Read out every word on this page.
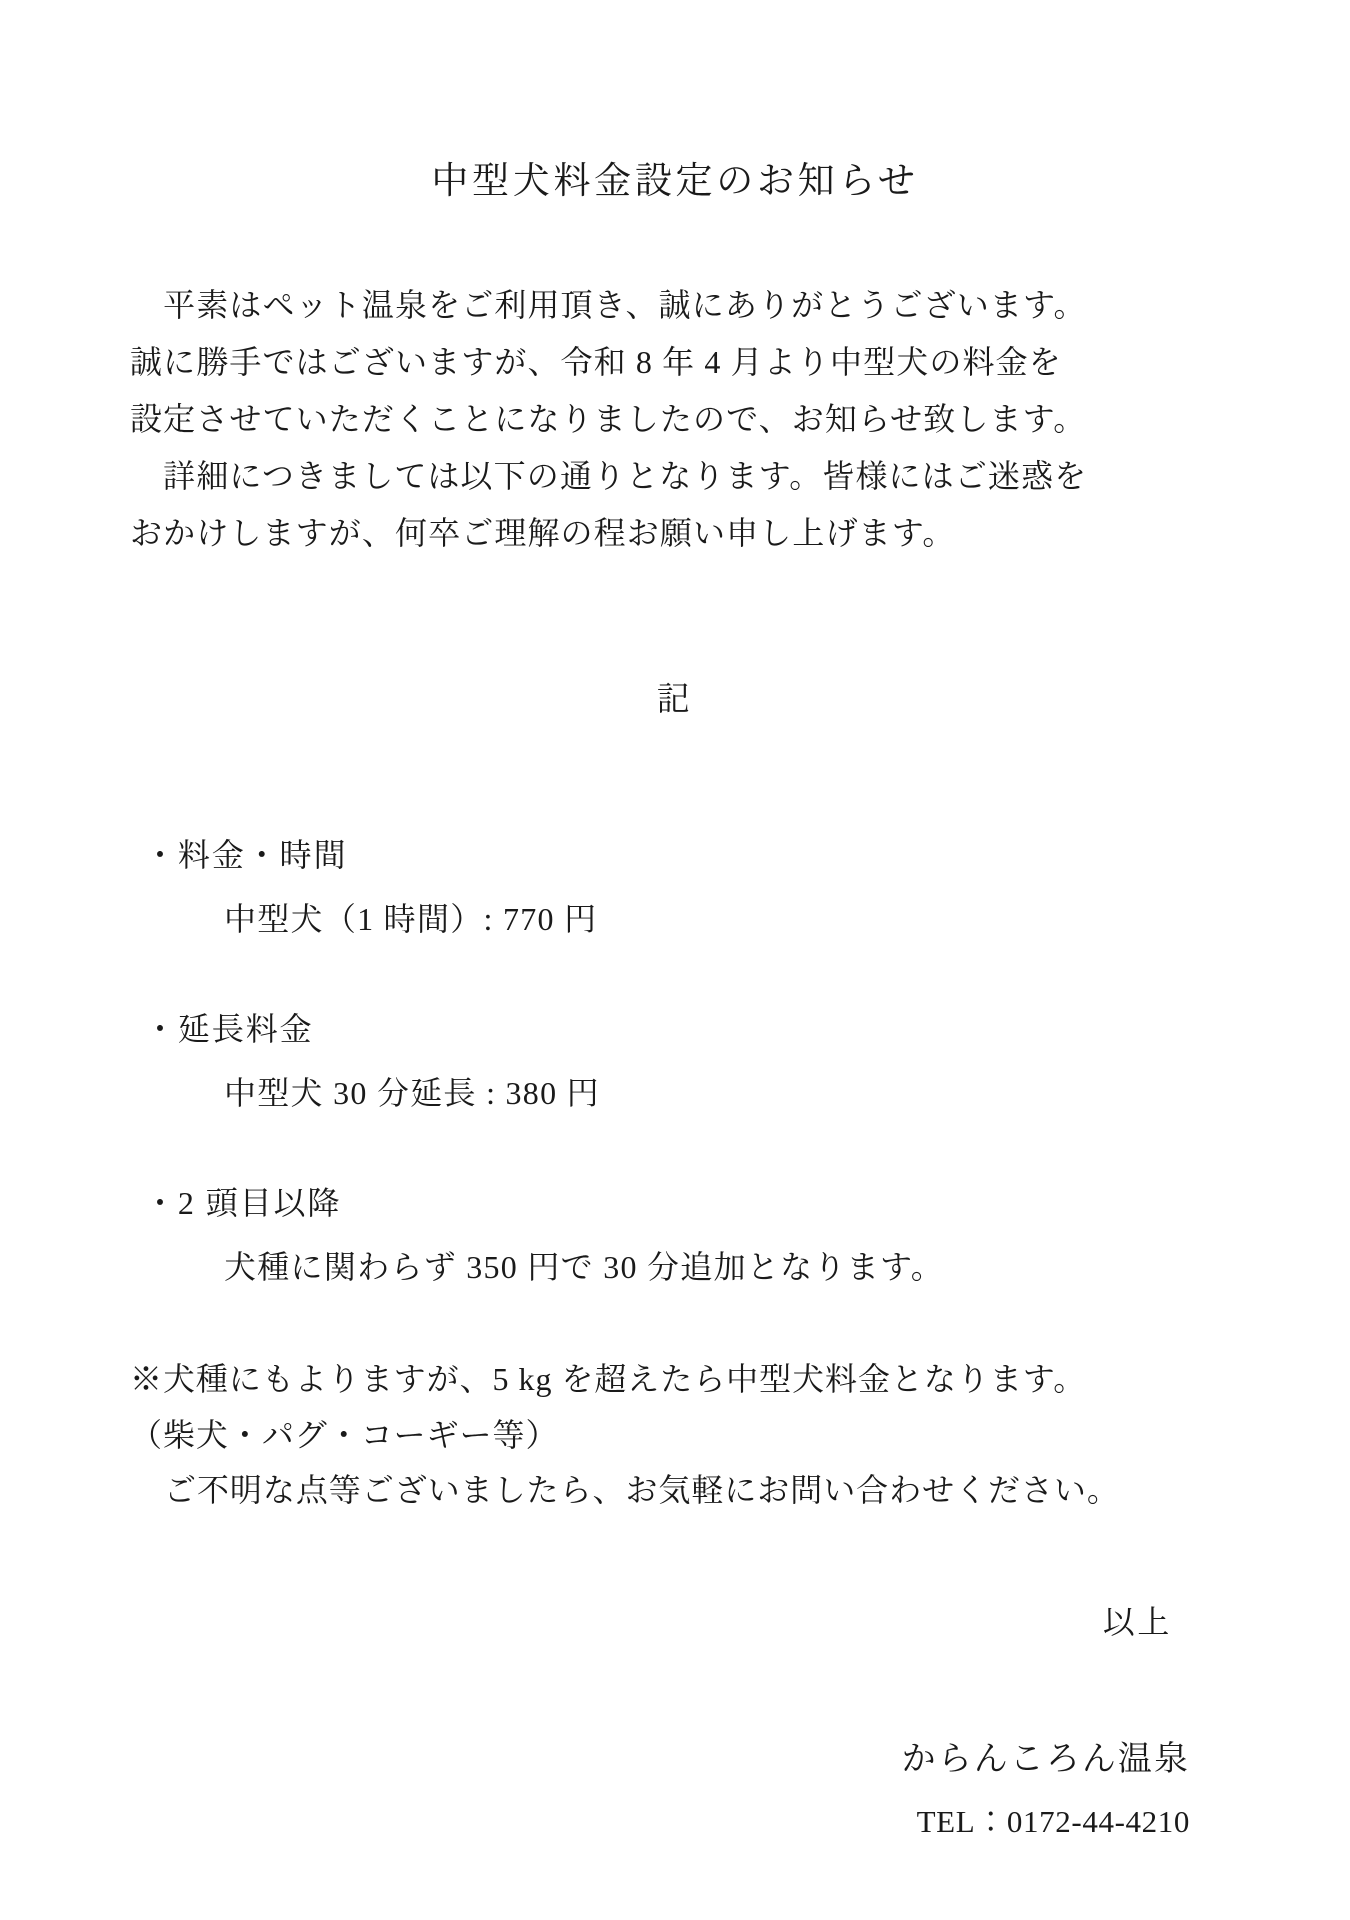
中型犬料金設定のお知らせ

　平素はペット温泉をご利用頂き、誠にありがとうございます。

誠に勝手ではございますが、令和 8 年 4 月より中型犬の料金を

設定させていただくことになりましたので、お知らせ致します。

　詳細につきましては以下の通りとなります。皆様にはご迷惑を

おかけしますが、何卒ご理解の程お願い申し上げます。

記
・料金・時間
中型犬（1 時間）: 770 円
・延長料金
中型犬 30 分延長 : 380 円
・2 頭目以降
犬種に関わらず 350 円で 30 分追加となります。

※犬種にもよりますが、5 kg を超えたら中型犬料金となります。

（柴犬・パグ・コーギー等）

ご不明な点等ございましたら、お気軽にお問い合わせください。

以上
からんころん温泉
TEL：0172-44-4210
